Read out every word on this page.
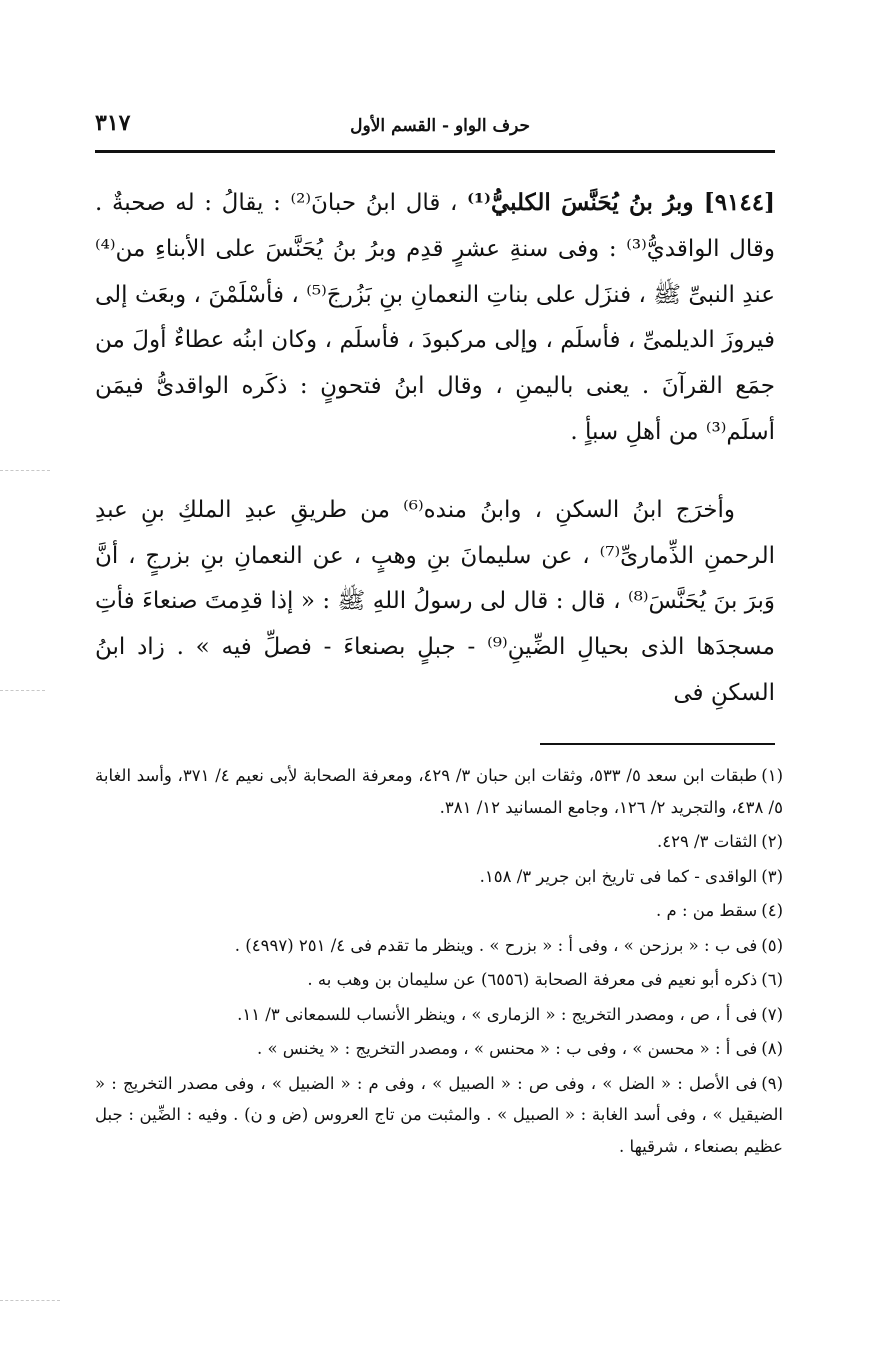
حرف الواو - القسم الأول
٣١٧

[٩١٤٤] وبرُ بنُ يُحَنَّسَ الكلبيُّ⁽¹⁾ ، قال ابنُ حبانَ⁽²⁾ : يقالُ : له صحبةٌ . وقال الواقديُّ⁽³⁾ : وفى سنةِ عشرٍ قدِم وبرُ بنُ يُحَنَّسَ على الأبناءِ من⁽⁴⁾ عندِ النبىِّ ﷺ ، فنزَل على بناتِ النعمانِ بنِ بَزُرجَ⁽⁵⁾ ، فأسْلَمْنَ ، وبعَث إلى فيروزَ الديلمىِّ ، فأسلَم ، وإلى مركبودَ ، فأسلَم ، وكان ابنُه عطاءٌ أولَ من جمَع القرآنَ . يعنى باليمنِ ، وقال ابنُ فتحونٍ : ذكَره الواقدىُّ فيمَن أسلَم⁽³⁾ من أهلِ سبأٍ .

وأخرَج ابنُ السكنِ ، وابنُ منده⁽⁶⁾ من طريقِ عبدِ الملكِ بنِ عبدِ الرحمنِ الذِّمارىِّ⁽⁷⁾ ، عن سليمانَ بنِ وهبٍ ، عن النعمانِ بنِ بزرجٍ ، أنَّ وَبرَ بنَ يُحَنَّسَ⁽⁸⁾ ، قال : قال لى رسولُ اللهِ ﷺ : « إذا قدِمتَ صنعاءَ فأتِ مسجدَها الذى بحيالِ الضِّينِ⁽⁹⁾ - جبلٍ بصنعاءَ - فصلِّ فيه » . زاد ابنُ السكنِ فى

(١)طبقات ابن سعد ٥/ ٥٣٣، وثقات ابن حبان ٣/ ٤٢٩، ومعرفة الصحابة لأبى نعيم ٤/ ٣٧١، وأسد الغابة ٥/ ٤٣٨، والتجريد ٢/ ١٢٦، وجامع المسانيد ١٢/ ٣٨١.

(٢)الثقات ٣/ ٤٢٩.

(٣)الواقدى - كما فى تاريخ ابن جرير ٣/ ١٥٨.

(٤)سقط من : م .

(٥)فى ب : « برزحن » ، وفى أ : « بزرح » . وينظر ما تقدم فى ٤/ ٢٥١ (٤٩٩٧) .

(٦)ذكره أبو نعيم فى معرفة الصحابة (٦٥٥٦) عن سليمان بن وهب به .

(٧)فى أ ، ص ، ومصدر التخريج : « الزمارى » ، وينظر الأنساب للسمعانى ٣/ ١١.

(٨)فى أ : « محسن » ، وفى ب : « محنس » ، ومصدر التخريج : « يخنس » .

(٩)فى الأصل : « الضل » ، وفى ص : « الصبيل » ، وفى م : « الضبيل » ، وفى مصدر التخريج : « الضيقيل » ، وفى أسد الغابة : « الصبيل » . والمثبت من تاج العروس (ض و ن) . وفيه : الضِّين : جبل عظيم بصنعاء ، شرقيها .
